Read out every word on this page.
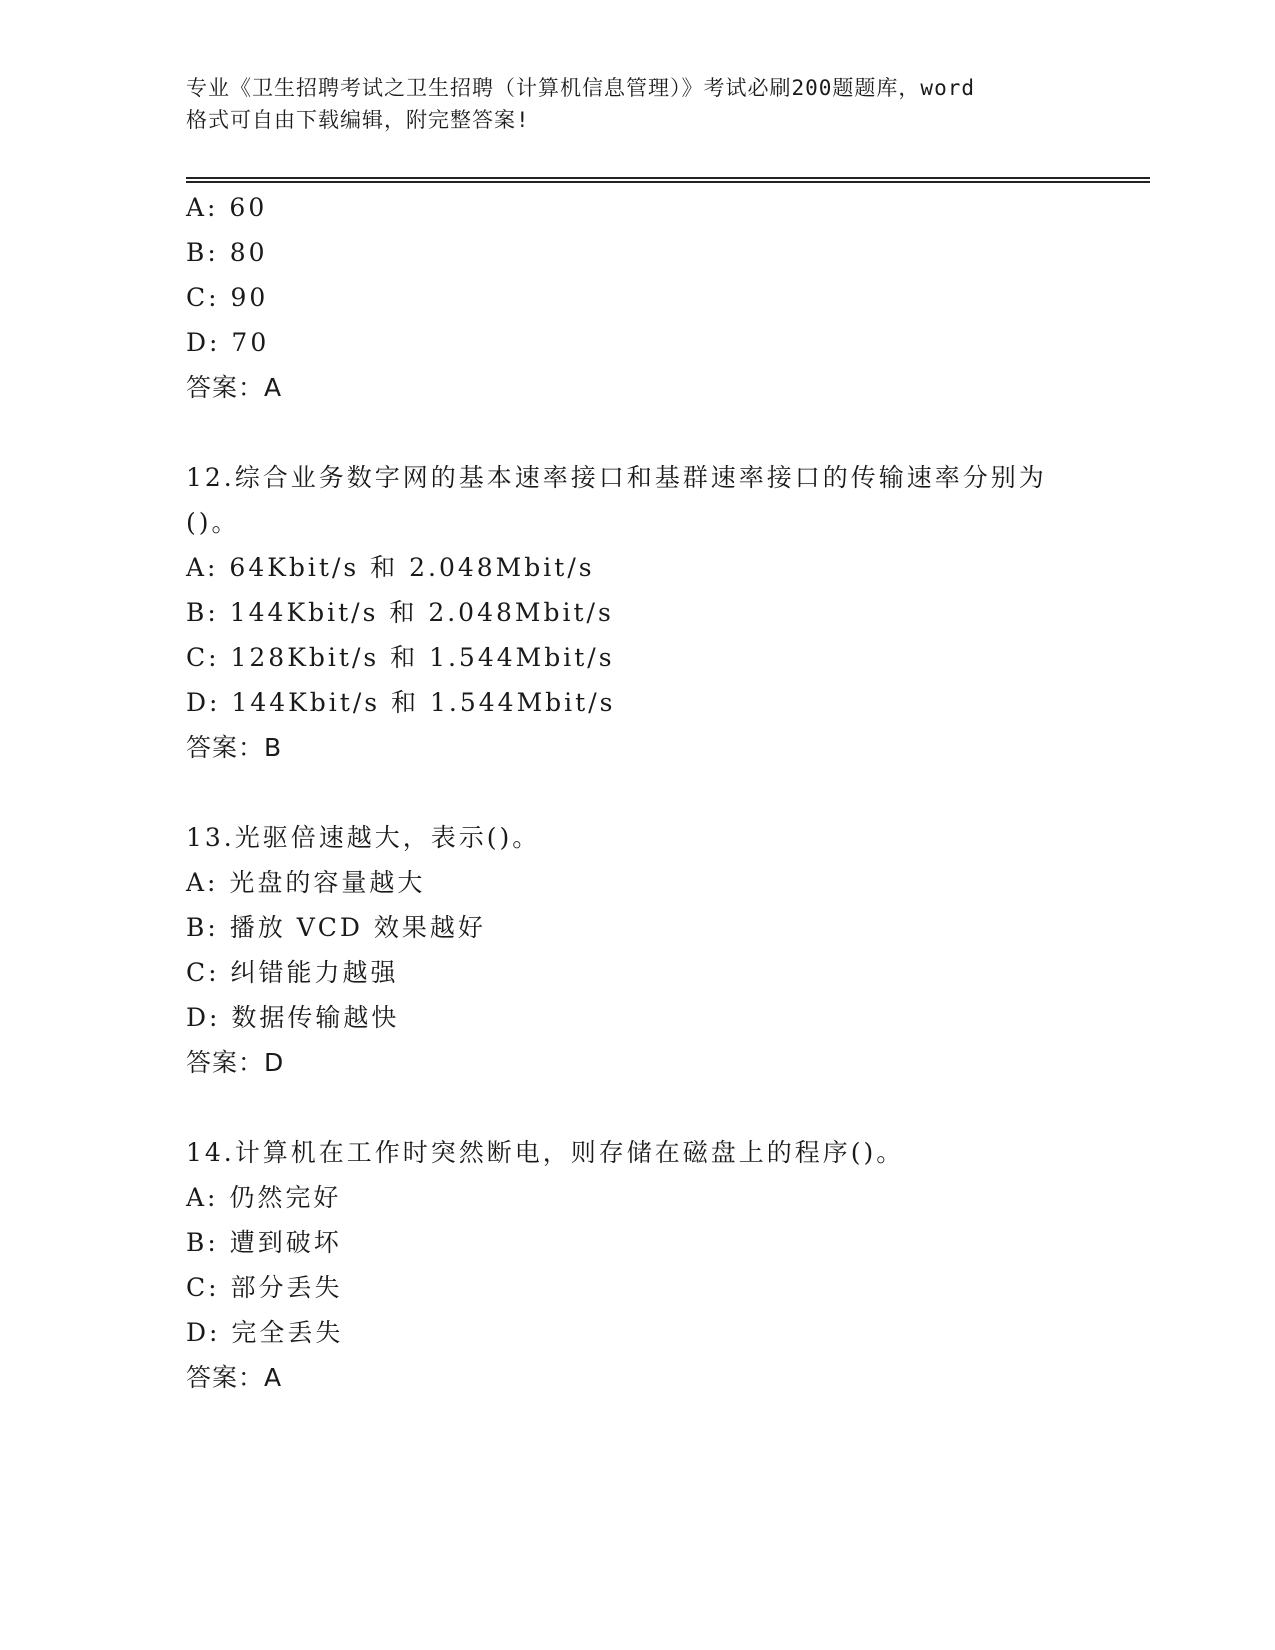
专业《卫生招聘考试之卫生招聘（计算机信息管理）》考试必刷200题题库，word
格式可自由下载编辑，附完整答案!
A: 60
B: 80
C: 90
D: 70
答案：A
12.综合业务数字网的基本速率接口和基群速率接口的传输速率分别为
()。
A: 64Kbit/s 和 2.048Mbit/s
B: 144Kbit/s 和 2.048Mbit/s
C: 128Kbit/s 和 1.544Mbit/s
D: 144Kbit/s 和 1.544Mbit/s
答案：B
13.光驱倍速越大，表示()。
A: 光盘的容量越大
B: 播放 VCD 效果越好
C: 纠错能力越强
D: 数据传输越快
答案：D
14.计算机在工作时突然断电，则存储在磁盘上的程序()。
A: 仍然完好
B: 遭到破坏
C: 部分丢失
D: 完全丢失
答案：A
